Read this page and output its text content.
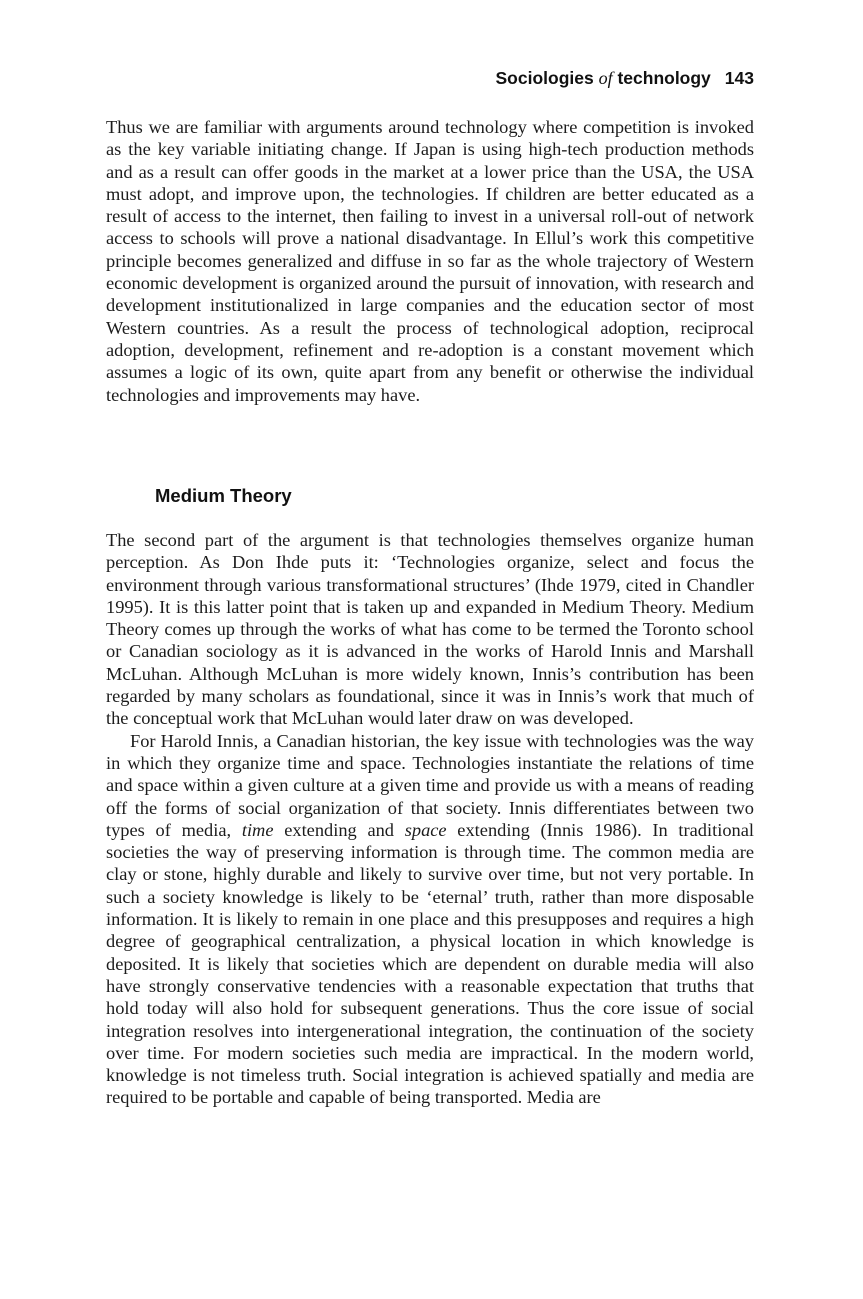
Sociologies of technology 143

Thus we are familiar with arguments around technology where competition is invoked as the key variable initiating change. If Japan is using high-tech production methods and as a result can offer goods in the market at a lower price than the USA, the USA must adopt, and improve upon, the technologies. If children are better educated as a result of access to the internet, then failing to invest in a universal roll-out of network access to schools will prove a national disadvantage. In Ellul’s work this competitive principle becomes generalized and diffuse in so far as the whole trajectory of Western economic development is organized around the pursuit of innovation, with research and development institutionalized in large companies and the education sector of most Western countries. As a result the process of technological adoption, reciprocal adoption, development, refinement and re-adoption is a constant movement which assumes a logic of its own, quite apart from any benefit or otherwise the individual technologies and improvements may have.

Medium Theory

The second part of the argument is that technologies themselves organize human perception. As Don Ihde puts it: ‘Technologies organize, select and focus the environment through various transformational structures’ (Ihde 1979, cited in Chandler 1995). It is this latter point that is taken up and expanded in Medium Theory. Medium Theory comes up through the works of what has come to be termed the Toronto school or Canadian sociology as it is advanced in the works of Harold Innis and Marshall McLuhan. Although McLuhan is more widely known, Innis’s contribution has been regarded by many scholars as foundational, since it was in Innis’s work that much of the conceptual work that McLuhan would later draw on was developed.

For Harold Innis, a Canadian historian, the key issue with technologies was the way in which they organize time and space. Technologies instantiate the relations of time and space within a given culture at a given time and provide us with a means of reading off the forms of social organization of that society. Innis differentiates between two types of media, time extending and space extending (Innis 1986). In traditional societies the way of preserving information is through time. The common media are clay or stone, highly durable and likely to survive over time, but not very portable. In such a society knowledge is likely to be ‘eternal’ truth, rather than more disposable information. It is likely to remain in one place and this presupposes and requires a high degree of geographical centralization, a physical location in which knowledge is deposited. It is likely that societies which are dependent on durable media will also have strongly conservative tendencies with a reasonable expectation that truths that hold today will also hold for subsequent generations. Thus the core issue of social integration resolves into intergenerational integration, the continuation of the society over time. For modern societies such media are impractical. In the modern world, knowledge is not timeless truth. Social integration is achieved spatially and media are required to be portable and capable of being transported. Media are
